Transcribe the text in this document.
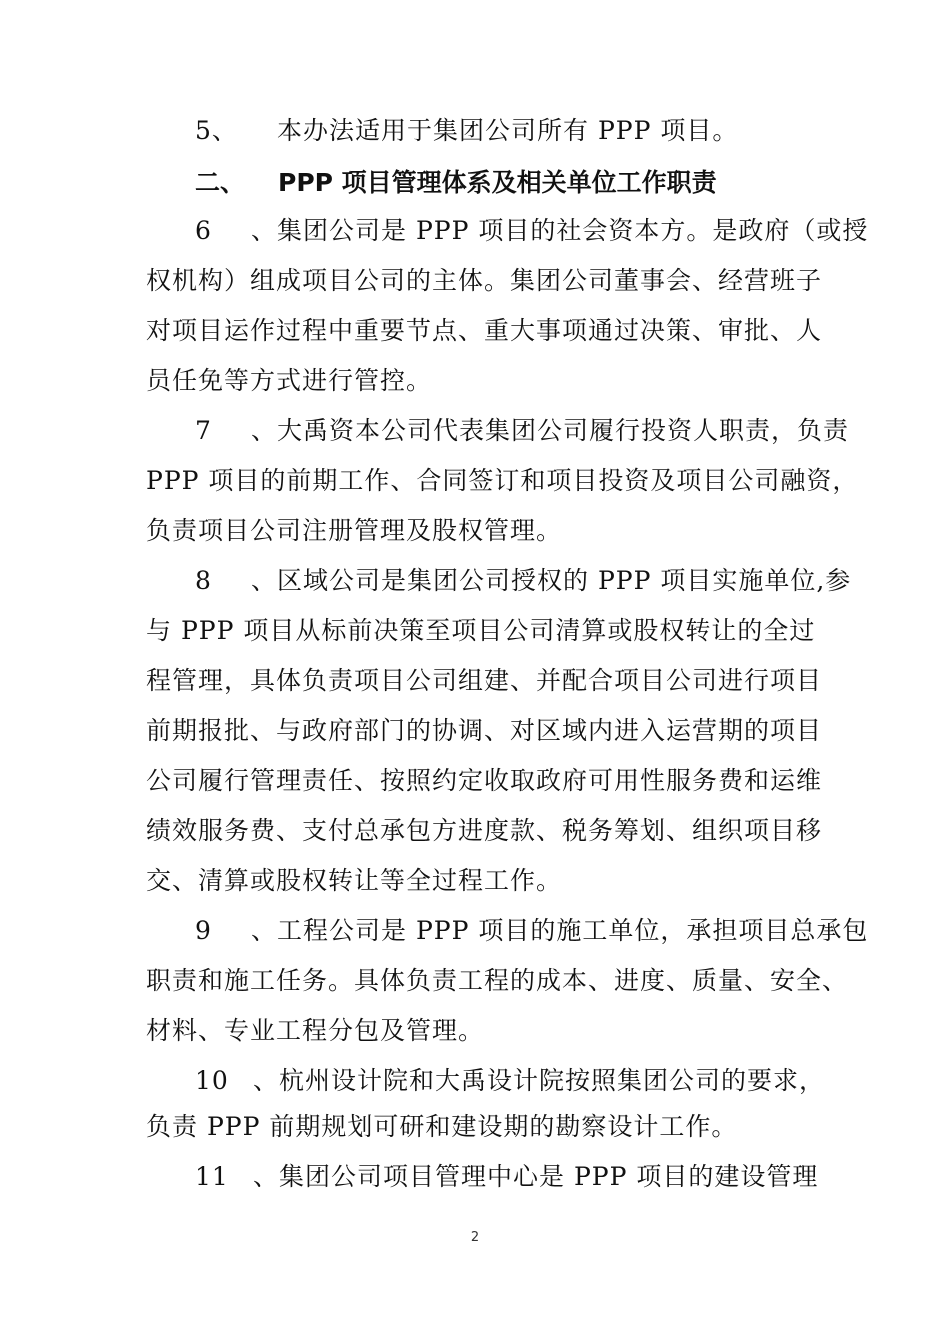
5、 本办法适用于集团公司所有 PPP 项目。
二、 PPP 项目管理体系及相关单位工作职责
6、集团公司是 PPP 项目的社会资本方。是政府（或授
权机构）组成项目公司的主体。集团公司董事会、经营班子
对项目运作过程中重要节点、重大事项通过决策、审批、人
员任免等方式进行管控。
7、大禹资本公司代表集团公司履行投资人职责，负责
PPP 项目的前期工作、合同签订和项目投资及项目公司融资，
负责项目公司注册管理及股权管理。
8、区域公司是集团公司授权的 PPP 项目实施单位,参
与 PPP 项目从标前决策至项目公司清算或股权转让的全过
程管理，具体负责项目公司组建、并配合项目公司进行项目
前期报批、与政府部门的协调、对区域内进入运营期的项目
公司履行管理责任、按照约定收取政府可用性服务费和运维
绩效服务费、支付总承包方进度款、税务筹划、组织项目移
交、清算或股权转让等全过程工作。
9、工程公司是 PPP 项目的施工单位，承担项目总承包
职责和施工任务。具体负责工程的成本、进度、质量、安全、
材料、专业工程分包及管理。
10、杭州设计院和大禹设计院按照集团公司的要求，
负责 PPP 前期规划可研和建设期的勘察设计工作。
11、集团公司项目管理中心是 PPP 项目的建设管理
2
